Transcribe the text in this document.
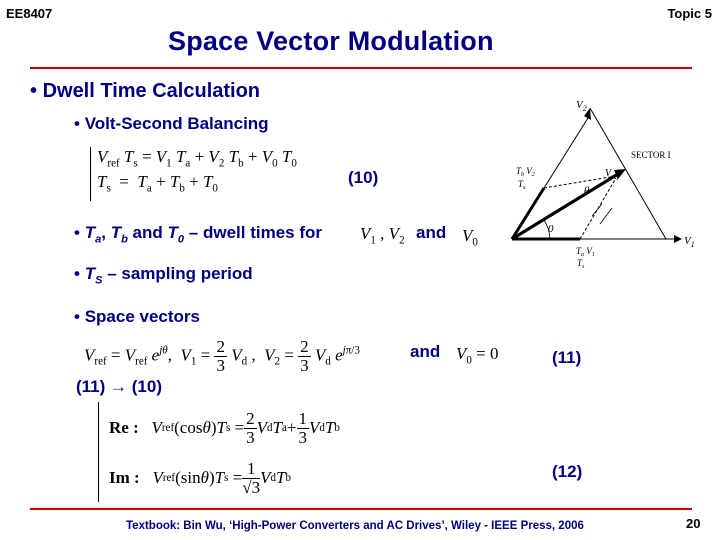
EE8407	Topic 5
Space Vector Modulation
• Dwell Time Calculation
• Volt-Second Balancing
$V_{ref}$ $T_s = V_1$ $T_a + V_2$ $T_b + V_0$ $T_0$
$T_s = T_a + T_b + T_0$
(10)
• $T_a$, $T_b$ and $T_0$ – dwell times for $V_1$ , $V_2$ and $V_0$
• $T_S$ – sampling period
• Space vectors
$V_{ref} = V_{ref}$ $e^{j\theta}$,  $V_1 = \frac{2}{3} V_d$ ,  $V_2 = \frac{2}{3} V_d$ $e^{j\pi/3}$	and $V_0 = 0$	(11)
(11) → (10)
Re :
V ref (cos θ ) T $s = \frac{2}{3}$ V d T $a + \frac{1}{3}$ V d T b
Im :
V ref (sin θ ) T $s = \frac{1}{√3}$ V d T b	(12)
Textbook: Bin Wu, ‘High-Power Converters and AC Drives’, Wiley - IEEE Press, 2006	20
$V_2$
SECTOR I
$V_{ref}$
θ
$V_1$
0
$T_b$ $V_2$
$T_s$
$T_a$ $V_1$
$T_s$
